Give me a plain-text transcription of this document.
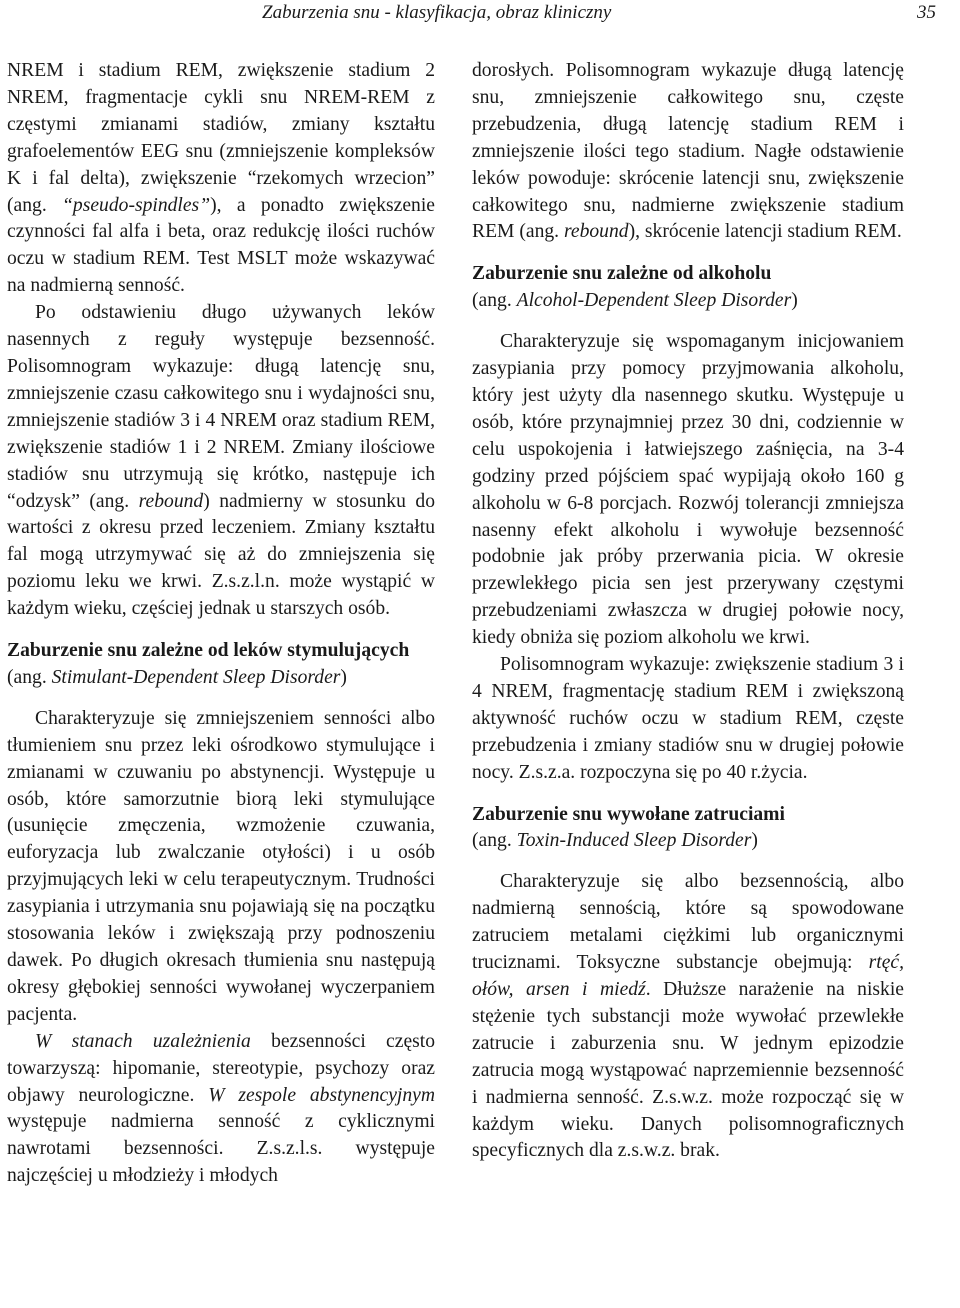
Zaburzenia snu - klasyfikacja, obraz kliniczny	35

NREM i stadium REM, zwiększenie stadium 2 NREM, fragmentacje cykli snu NREM-REM z częstymi zmianami stadiów, zmiany kształtu grafoelementów EEG snu (zmniejszenie kompleksów K i fal delta), zwiększenie “rzekomych wrzecion” (ang. “pseudo-spindles”), a ponadto zwiększenie czynności fal alfa i beta, oraz redukcję ilości ruchów oczu w stadium REM. Test MSLT może wskazywać na nadmierną senność.

Po odstawieniu długo używanych leków nasennych z reguły występuje bezsenność. Polisomnogram wykazuje: długą latencję snu, zmniejszenie czasu całkowitego snu i wydajności snu, zmniejszenie stadiów 3 i 4 NREM oraz stadium REM, zwiększenie stadiów 1 i 2 NREM. Zmiany ilościowe stadiów snu utrzymują się krótko, następuje ich “odzysk” (ang. rebound) nadmierny w stosunku do wartości z okresu przed leczeniem. Zmiany kształtu fal mogą utrzymywać się aż do zmniejszenia się poziomu leku we krwi. Z.s.z.l.n. może wystąpić w każdym wieku, częściej jednak u starszych osób.

Zaburzenie snu zależne od leków stymulujących

(ang. Stimulant-Dependent Sleep Disorder)

Charakteryzuje się zmniejszeniem senności albo tłumieniem snu przez leki ośrodkowo stymulujące i zmianami w czuwaniu po abstynencji. Występuje u osób, które samorzutnie biorą leki stymulujące (usunięcie zmęczenia, wzmożenie czuwania, euforyzacja lub zwalczanie otyłości) i u osób przyjmujących leki w celu terapeutycznym. Trudności zasypiania i utrzymania snu pojawiają się na początku stosowania leków i zwiększają przy podnoszeniu dawek. Po długich okresach tłumienia snu następują okresy głębokiej senności wywołanej wyczerpaniem pacjenta.

W stanach uzależnienia bezsenności często towarzyszą: hipomanie, stereotypie, psychozy oraz objawy neurologiczne. W zespole abstynencyjnym występuje nadmierna senność z cyklicznymi nawrotami bezsenności. Z.s.z.l.s. występuje najczęściej u młodzieży i młodych

dorosłych. Polisomnogram wykazuje długą latencję snu, zmniejszenie całkowitego snu, częste przebudzenia, długą latencję stadium REM i zmniejszenie ilości tego stadium. Nagłe odstawienie leków powoduje: skrócenie latencji snu, zwiększenie całkowitego snu, nadmierne zwiększenie stadium REM (ang. rebound), skrócenie latencji stadium REM.

Zaburzenie snu zależne od alkoholu

(ang. Alcohol-Dependent Sleep Disorder)

Charakteryzuje się wspomaganym inicjowaniem zasypiania przy pomocy przyjmowania alkoholu, który jest użyty dla nasennego skutku. Występuje u osób, które przynajmniej przez 30 dni, codziennie w celu uspokojenia i łatwiejszego zaśnięcia, na 3-4 godziny przed pójściem spać wypijają około 160 g alkoholu w 6-8 porcjach. Rozwój tolerancji zmniejsza nasenny efekt alkoholu i wywołuje bezsenność podobnie jak próby przerwania picia. W okresie przewlekłego picia sen jest przerywany częstymi przebudzeniami zwłaszcza w drugiej połowie nocy, kiedy obniża się poziom alkoholu we krwi.

Polisomnogram wykazuje: zwiększenie stadium 3 i 4 NREM, fragmentację stadium REM i zwiększoną aktywność ruchów oczu w stadium REM, częste przebudzenia i zmiany stadiów snu w drugiej połowie nocy. Z.s.z.a. rozpoczyna się po 40 r.życia.

Zaburzenie snu wywołane zatruciami

(ang. Toxin-Induced Sleep Disorder)

Charakteryzuje się albo bezsennością, albo nadmierną sennością, które są spowodowane zatruciem metalami ciężkimi lub organicznymi truciznami. Toksyczne substancje obejmują: rtęć, ołów, arsen i miedź. Dłuższe narażenie na niskie stężenie tych substancji może wywołać przewlekłe zatrucie i zaburzenia snu. W jednym epizodzie zatrucia mogą wystąpować naprzemiennie bezsenność i nadmierna senność. Z.s.w.z. może rozpocząć się w każdym wieku. Danych polisomnograficznych specyficznych dla z.s.w.z. brak.
